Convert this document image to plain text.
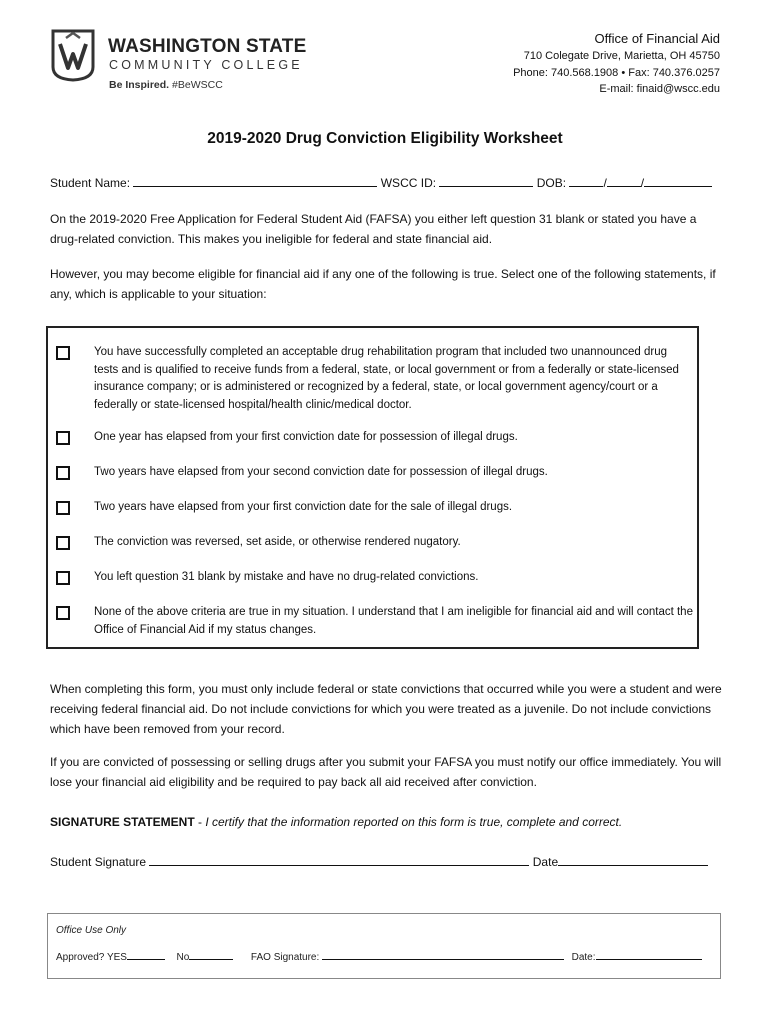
WASHINGTON STATE
COMMUNITY COLLEGE
Be Inspired. #BeWSCC
Office of Financial Aid
710 Colegate Drive, Marietta, OH 45750
Phone: 740.568.1908 • Fax: 740.376.0257
E-mail: finaid@wscc.edu
2019-2020 Drug Conviction Eligibility Worksheet
Student Name:	WSCC ID:	DOB:	/	/
On the 2019-2020 Free Application for Federal Student Aid (FAFSA) you either left question 31 blank or stated you have a drug-related conviction. This makes you ineligible for federal and state financial aid.
However, you may become eligible for financial aid if any one of the following is true. Select one of the following statements, if any, which is applicable to your situation:
You have successfully completed an acceptable drug rehabilitation program that included two unannounced drug tests and is qualified to receive funds from a federal, state, or local government or from a federally or state-licensed insurance company; or is administered or recognized by a federal, state, or local government agency/court or a federally or state-licensed hospital/health clinic/medical doctor.
One year has elapsed from your first conviction date for possession of illegal drugs.
Two years have elapsed from your second conviction date for possession of illegal drugs.
Two years have elapsed from your first conviction date for the sale of illegal drugs.
The conviction was reversed, set aside, or otherwise rendered nugatory.
You left question 31 blank by mistake and have no drug-related convictions.
None of the above criteria are true in my situation. I understand that I am ineligible for financial aid and will contact the Office of Financial Aid if my status changes.
When completing this form, you must only include federal or state convictions that occurred while you were a student and were receiving federal financial aid. Do not include convictions for which you were treated as a juvenile. Do not include convictions which have been removed from your record.
If you are convicted of possessing or selling drugs after you submit your FAFSA you must notify our office immediately. You will lose your financial aid eligibility and be required to pay back all aid received after conviction.
SIGNATURE STATEMENT - I certify that the information reported on this form is true, complete and correct.
Student Signature	Date
Office Use Only
Approved? YES	No	FAO Signature:	Date:
